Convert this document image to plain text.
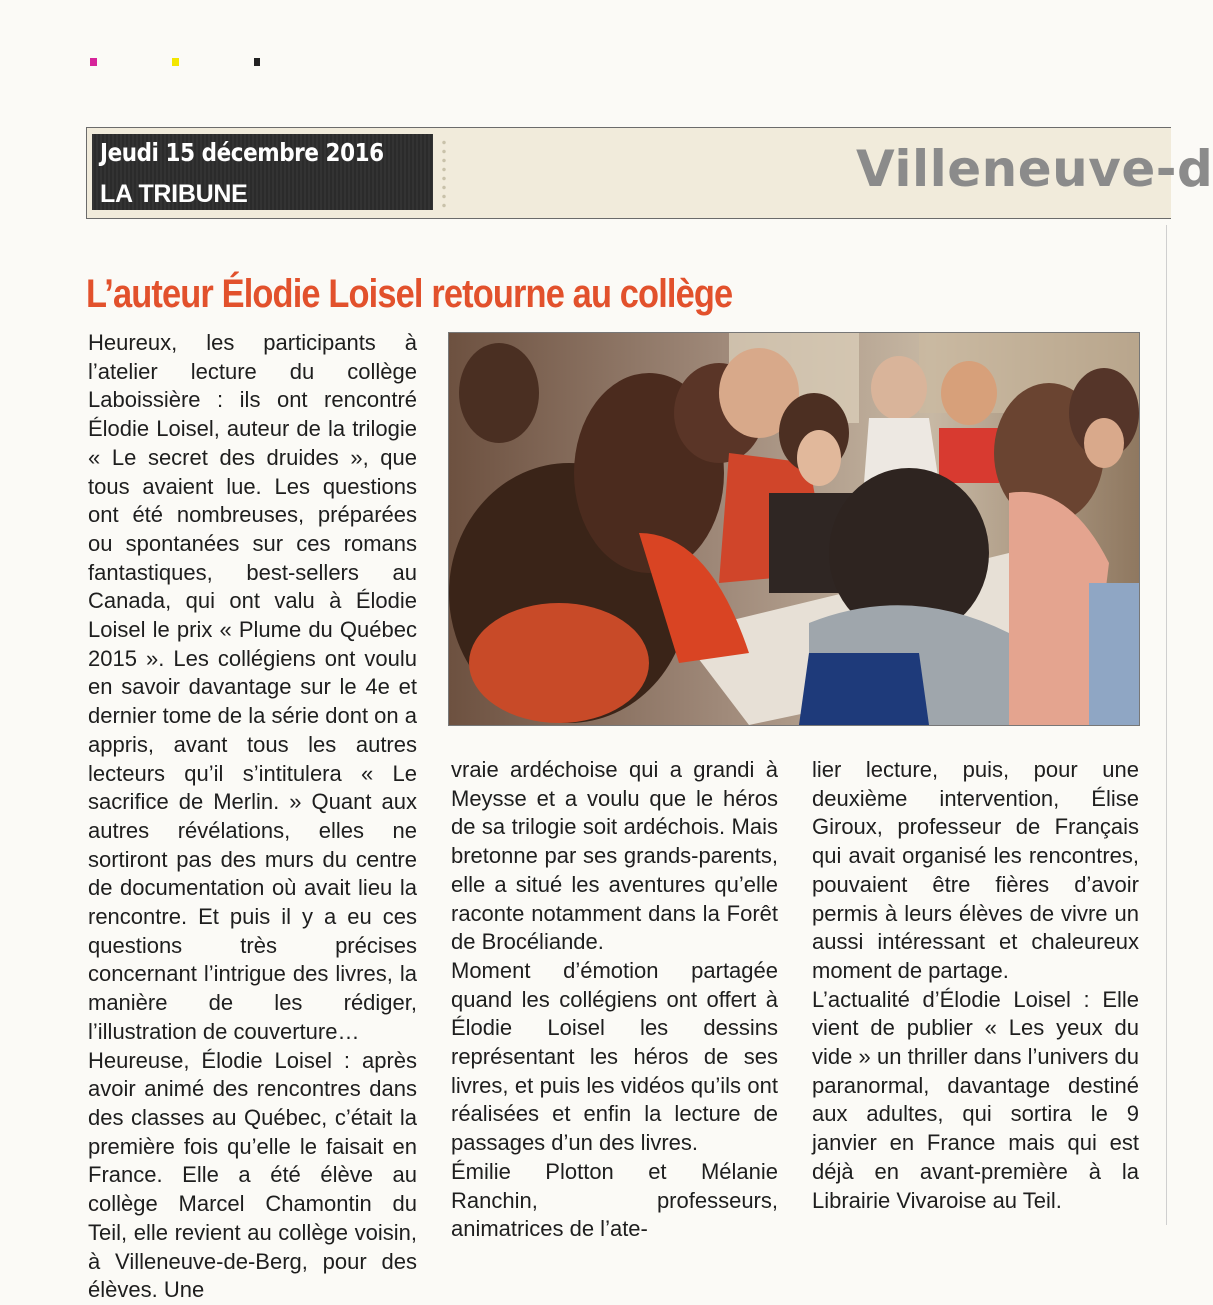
Jeudi 15 décembre 2016
LA TRIBUNE	Villeneuve-d
L’auteur Élodie Loisel retourne au collège

Heureux, les participants à l’atelier lecture du collège Laboissière : ils ont rencontré Élodie Loisel, auteur de la trilogie « Le secret des druides », que tous avaient lue. Les questions ont été nombreuses, préparées ou spontanées sur ces romans fantastiques, best-sellers au Canada, qui ont valu à Élodie Loisel le prix « Plume du Québec 2015 ». Les collégiens ont voulu en savoir davantage sur le 4e et dernier tome de la série dont on a appris, avant tous les autres lecteurs qu’il s’intitulera « Le sacrifice de Merlin. » Quant aux autres révélations, elles ne sortiront pas des murs du centre de documentation où avait lieu la rencontre. Et puis il y a eu ces questions très précises concernant l’intrigue des livres, la manière de les rédiger, l’illustration de couverture…

Heureuse, Élodie Loisel : après avoir animé des rencontres dans des classes au Québec, c’était la première fois qu’elle le faisait en France. Elle a été élève au collège Marcel Chamontin du Teil, elle revient au collège voisin, à Villeneuve-de-Berg, pour des élèves. Une

vraie ardéchoise qui a grandi à Meysse et a voulu que le héros de sa trilogie soit ardéchois. Mais bretonne par ses grands-parents, elle a situé les aventures qu’elle raconte notamment dans la Forêt de Brocéliande.

Moment d’émotion partagée quand les collégiens ont offert à Élodie Loisel les dessins représentant les héros de ses livres, et puis les vidéos qu’ils ont réalisées et enfin la lecture de passages d’un des livres.

Émilie Plotton et Mélanie Ranchin, professeurs, animatrices de l’ate-

lier lecture, puis, pour une deuxième intervention, Élise Giroux, professeur de Français qui avait organisé les rencontres, pouvaient être fières d’avoir permis à leurs élèves de vivre un aussi intéressant et chaleureux moment de partage.

L’actualité d’Élodie Loisel : Elle vient de publier « Les yeux du vide » un thriller dans l’univers du paranormal, davantage destiné aux adultes, qui sortira le 9 janvier en France mais qui est déjà en avant-première à la Librairie Vivaroise au Teil.
